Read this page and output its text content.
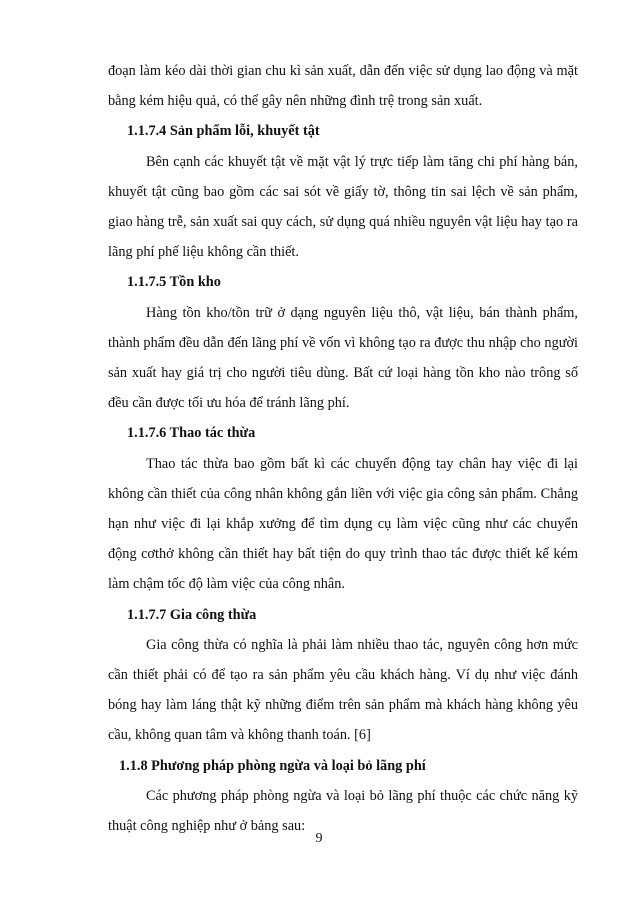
đoạn làm kéo dài thời gian chu kì sản xuất, dẫn đến việc sử dụng lao động và mặt bằng kém hiệu quả, có thể gây nên những đình trệ trong sản xuất.

1.1.7.4 Sản phẩm lỗi, khuyết tật

Bên cạnh các khuyết tật về mặt vật lý trực tiếp làm tăng chi phí hàng bán, khuyết tật cũng bao gồm các sai sót về giấy tờ, thông tin sai lệch về sản phẩm, giao hàng trễ, sản xuất sai quy cách, sử dụng quá nhiều nguyên vật liệu hay tạo ra lãng phí phế liệu không cần thiết.

1.1.7.5 Tồn kho

Hàng tồn kho/tồn trữ ở dạng nguyên liệu thô, vật liệu, bán thành phẩm, thành phẩm đều dẫn đến lãng phí về vốn vì không tạo ra được thu nhập cho người sản xuất hay giá trị cho người tiêu dùng. Bất cứ loại hàng tồn kho nào trông số đều cần được tối ưu hóa để tránh lãng phí.

1.1.7.6 Thao tác thừa

Thao tác thừa bao gồm bất kì các chuyển động tay chân hay việc đi lại không cần thiết của công nhân không gắn liền với việc gia công sản phẩm. Chẳng hạn như việc đi lại khắp xưởng để tìm dụng cụ làm việc cũng như các chuyển động cơthở không cần thiết hay bất tiện do quy trình thao tác được thiết kế kém làm chậm tốc độ làm việc của công nhân.

1.1.7.7 Gia công thừa

Gia công thừa có nghĩa là phải làm nhiều thao tác, nguyên công hơn mức cần thiết phải có để tạo ra sản phẩm yêu cầu khách hàng. Ví dụ như việc đánh bóng hay làm láng thật kỹ những điểm trên sản phẩm mà khách hàng không yêu cầu, không quan tâm và không thanh toán. [6]

1.1.8 Phương pháp phòng ngừa và loại bỏ lãng phí

Các phương pháp phòng ngừa và loại bỏ lãng phí thuộc các chức năng kỹ thuật công nghiệp như ở bảng sau:

9
